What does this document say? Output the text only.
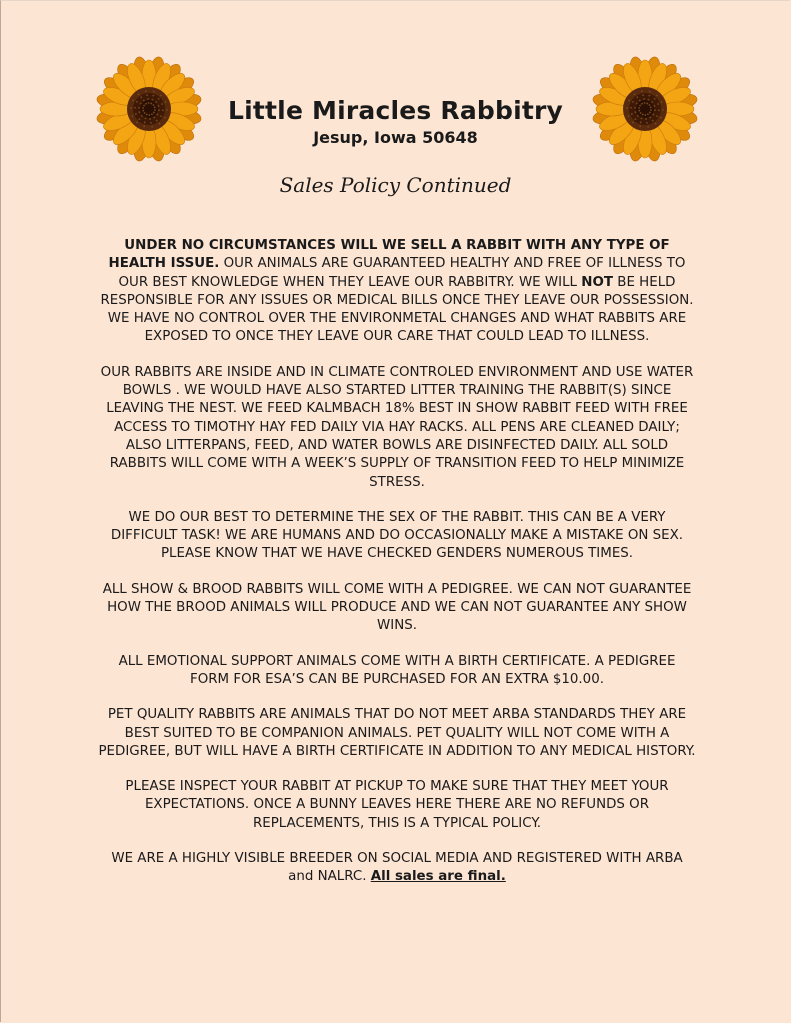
Little Miracles Rabbitry
Jesup, Iowa 50648
Sales Policy Continued

UNDER NO CIRCUMSTANCES WILL WE SELL A RABBIT WITH ANY TYPE OF HEALTH ISSUE. OUR ANIMALS ARE GUARANTEED HEALTHY AND FREE OF ILLNESS TO OUR BEST KNOWLEDGE WHEN THEY LEAVE OUR RABBITRY. WE WILL NOT BE HELD RESPONSIBLE FOR ANY ISSUES OR MEDICAL BILLS ONCE THEY LEAVE OUR POSSESSION. WE HAVE NO CONTROL OVER THE ENVIRONMETAL CHANGES AND WHAT RABBITS ARE EXPOSED TO ONCE THEY LEAVE OUR CARE THAT COULD LEAD TO ILLNESS.

OUR RABBITS ARE INSIDE AND IN CLIMATE CONTROLED ENVIRONMENT AND USE WATER BOWLS . WE WOULD HAVE ALSO STARTED LITTER TRAINING THE RABBIT(S) SINCE LEAVING THE NEST. WE FEED KALMBACH 18% BEST IN SHOW RABBIT FEED WITH FREE ACCESS TO TIMOTHY HAY FED DAILY VIA HAY RACKS. ALL PENS ARE CLEANED DAILY; ALSO LITTERPANS, FEED, AND WATER BOWLS ARE DISINFECTED DAILY. ALL SOLD RABBITS WILL COME WITH A WEEK’S SUPPLY OF TRANSITION FEED TO HELP MINIMIZE STRESS.

WE DO OUR BEST TO DETERMINE THE SEX OF THE RABBIT. THIS CAN BE A VERY DIFFICULT TASK! WE ARE HUMANS AND DO OCCASIONALLY MAKE A MISTAKE ON SEX. PLEASE KNOW THAT WE HAVE CHECKED GENDERS NUMEROUS TIMES.

ALL SHOW & BROOD RABBITS WILL COME WITH A PEDIGREE. WE CAN NOT GUARANTEE HOW THE BROOD ANIMALS WILL PRODUCE AND WE CAN NOT GUARANTEE ANY SHOW WINS.

ALL EMOTIONAL SUPPORT ANIMALS COME WITH A BIRTH CERTIFICATE. A PEDIGREE FORM FOR ESA’S CAN BE PURCHASED FOR AN EXTRA $10.00.

PET QUALITY RABBITS ARE ANIMALS THAT DO NOT MEET ARBA STANDARDS THEY ARE BEST SUITED TO BE COMPANION ANIMALS. PET QUALITY WILL NOT COME WITH A PEDIGREE, BUT WILL HAVE A BIRTH CERTIFICATE IN ADDITION TO ANY MEDICAL HISTORY.

PLEASE INSPECT YOUR RABBIT AT PICKUP TO MAKE SURE THAT THEY MEET YOUR EXPECTATIONS. ONCE A BUNNY LEAVES HERE THERE ARE NO REFUNDS OR REPLACEMENTS, THIS IS A TYPICAL POLICY.

WE ARE A HIGHLY VISIBLE BREEDER ON SOCIAL MEDIA AND REGISTERED WITH ARBA and NALRC. All sales are final.
